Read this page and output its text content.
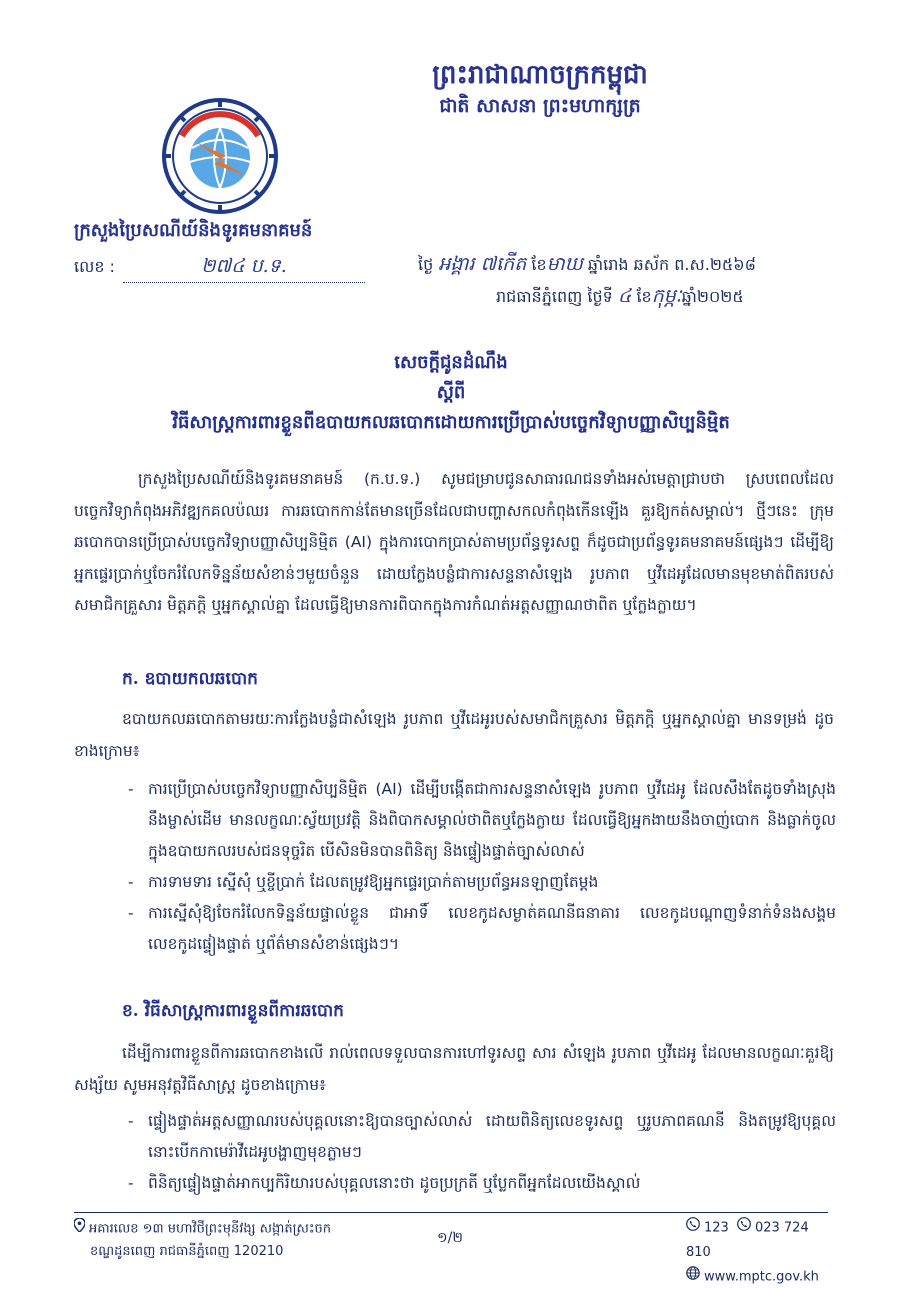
ព្រះរាជាណាចក្រកម្ពុជា
ជាតិ សាសនា ព្រះមហាក្សត្រ
ប.ទ.ក
PTC
ក្រសួងប្រៃសណីយ៍និងទូរគមនាគមន៍
លេខ :	២៧៤ ប.ទ.	ថ្ងៃ អង្គារ ៧កើត ខែមាឃ ឆ្នាំរោង ឆស័ក ព.ស.២៥៦៨
រាជធានីភ្នំពេញ ថ្ងៃទី ៤ ខែកុម្ភៈឆ្នាំ២០២៥
សេចក្តីជូនដំណឹង
ស្តីពី
វិធីសាស្ត្រការពារខ្លួនពីឧបាយកលឆបោកដោយការប្រើប្រាស់បច្ចេកវិទ្យាបញ្ញាសិប្បនិម្មិត
ក្រសួងប្រៃសណីយ៍និងទូរគមនាគមន៍ (ក.ប.ទ.) សូមជម្រាបជូនសាធារណជនទាំងអស់មេត្តាជ្រាបថា ស្របពេលដែលបច្ចេកវិទ្យាកំពុងអភិវឌ្ឍកគលប៉ឈរ ការឆបោកកាន់តែមានច្រើនដែលជាបញ្ហាសកលកំពុងកើនឡើង គួរឱ្យកត់សម្គាល់។ ថ្មីៗនេះ ក្រុមឆបោកបានប្រើប្រាស់បច្ចេកវិទ្យាបញ្ញាសិប្បនិម្មិត (AI) ក្នុងការបោកប្រាស់តាមប្រព័ន្ធទូរសព្ទ ក៏ដូចជាប្រព័ន្ធទូរគមនាគមន៍ផ្សេងៗ ដើម្បីឱ្យអ្នកផ្ទេរប្រាក់ឬចែករំលែកទិន្នន័យសំខាន់ៗមួយចំនួន ដោយក្លែងបន្លំជាការសន្ទនាសំឡេង រូបភាព ឬវីដេអូដែលមានមុខមាត់ពិតរបស់សមាជិកគ្រួសារ មិត្តភក្តិ ឬអ្នកស្គាល់គ្នា ដែលធ្វើឱ្យមានការពិបាកក្នុងការកំណត់អត្តសញ្ញាណថាពិត ឬក្លែងក្លាយ។
ក. ឧបាយកលឆបោក
ឧបាយកលឆបោកតាមរយៈការក្លែងបន្លំជាសំឡេង រូបភាព ឬវីដេអូរបស់សមាជិកគ្រួសារ មិត្តភក្តិ ឬអ្នកស្គាល់គ្នា មានទម្រង់ ដូចខាងក្រោម៖
- ការប្រើប្រាស់បច្ចេកវិទ្យាបញ្ញាសិប្បនិម្មិត (AI) ដើម្បីបង្កើតជាការសន្ទនាសំឡេង រូបភាព ឬវីដេអូ ដែលសឹងតែដូចទាំងស្រុងនឹងម្ចាស់ដើម មានលក្ខណៈស្វ័យប្រវត្តិ និងពិបាកសម្គាល់ថាពិតឬក្លែងក្លាយ ដែលធ្វើឱ្យអ្នកងាយនឹងចាញ់បោក និងធ្លាក់ចូលក្នុងឧបាយកលរបស់ជនទុច្ចរិត បើសិនមិនបានពិនិត្យ និងផ្ទៀងផ្ទាត់ច្បាស់លាស់
- ការទាមទារ ស្នើសុំ ឬខ្ចីប្រាក់ ដែលតម្រូវឱ្យអ្នកផ្ទេរប្រាក់តាមប្រព័ន្ធអនឡាញតែម្តង
- ការស្នើសុំឱ្យចែករំលែកទិន្នន័យផ្ទាល់ខ្លួន ជាអាទិ៍ លេខកូដសម្ងាត់គណនីធនាគារ លេខកូដបណ្តាញទំនាក់ទំនងសង្គម លេខកូដផ្ទៀងផ្ទាត់ ឬព័ត៌មានសំខាន់ផ្សេងៗ។
ខ. វិធីសាស្ត្រការពារខ្លួនពីការឆបោក
ដើម្បីការពារខ្លួនពីការឆបោកខាងលើ រាល់ពេលទទួលបានការហៅទូរសព្ទ សារ សំឡេង រូបភាព ឬវីដេអូ ដែលមានលក្ខណៈគួរឱ្យសង្ស័យ សូមអនុវត្តវិធីសាស្ត្រ ដូចខាងក្រោម៖
- ផ្ទៀងផ្ទាត់អត្តសញ្ញាណរបស់បុគ្គលនោះឱ្យបានច្បាស់លាស់ ដោយពិនិត្យលេខទូរសព្ទ ឬរូបភាពគណនី និងតម្រូវឱ្យបុគ្គលនោះបើកកាមេរ៉ាវីដេអូបង្ហាញមុខភ្លាមៗ
- ពិនិត្យផ្ទៀងផ្ទាត់អាកប្បកិរិយារបស់បុគ្គលនោះថា ដូចប្រក្រតី ឬប្លែកពីអ្នកដែលយើងស្គាល់
អគារលេខ ១៣ មហាវិថីព្រះមុនីវង្ស សង្កាត់ស្រះចក
ខណ្ឌដូនពេញ រាជធានីភ្នំពេញ 120210
១/២
123 023 724 810
www.mptc.gov.kh
